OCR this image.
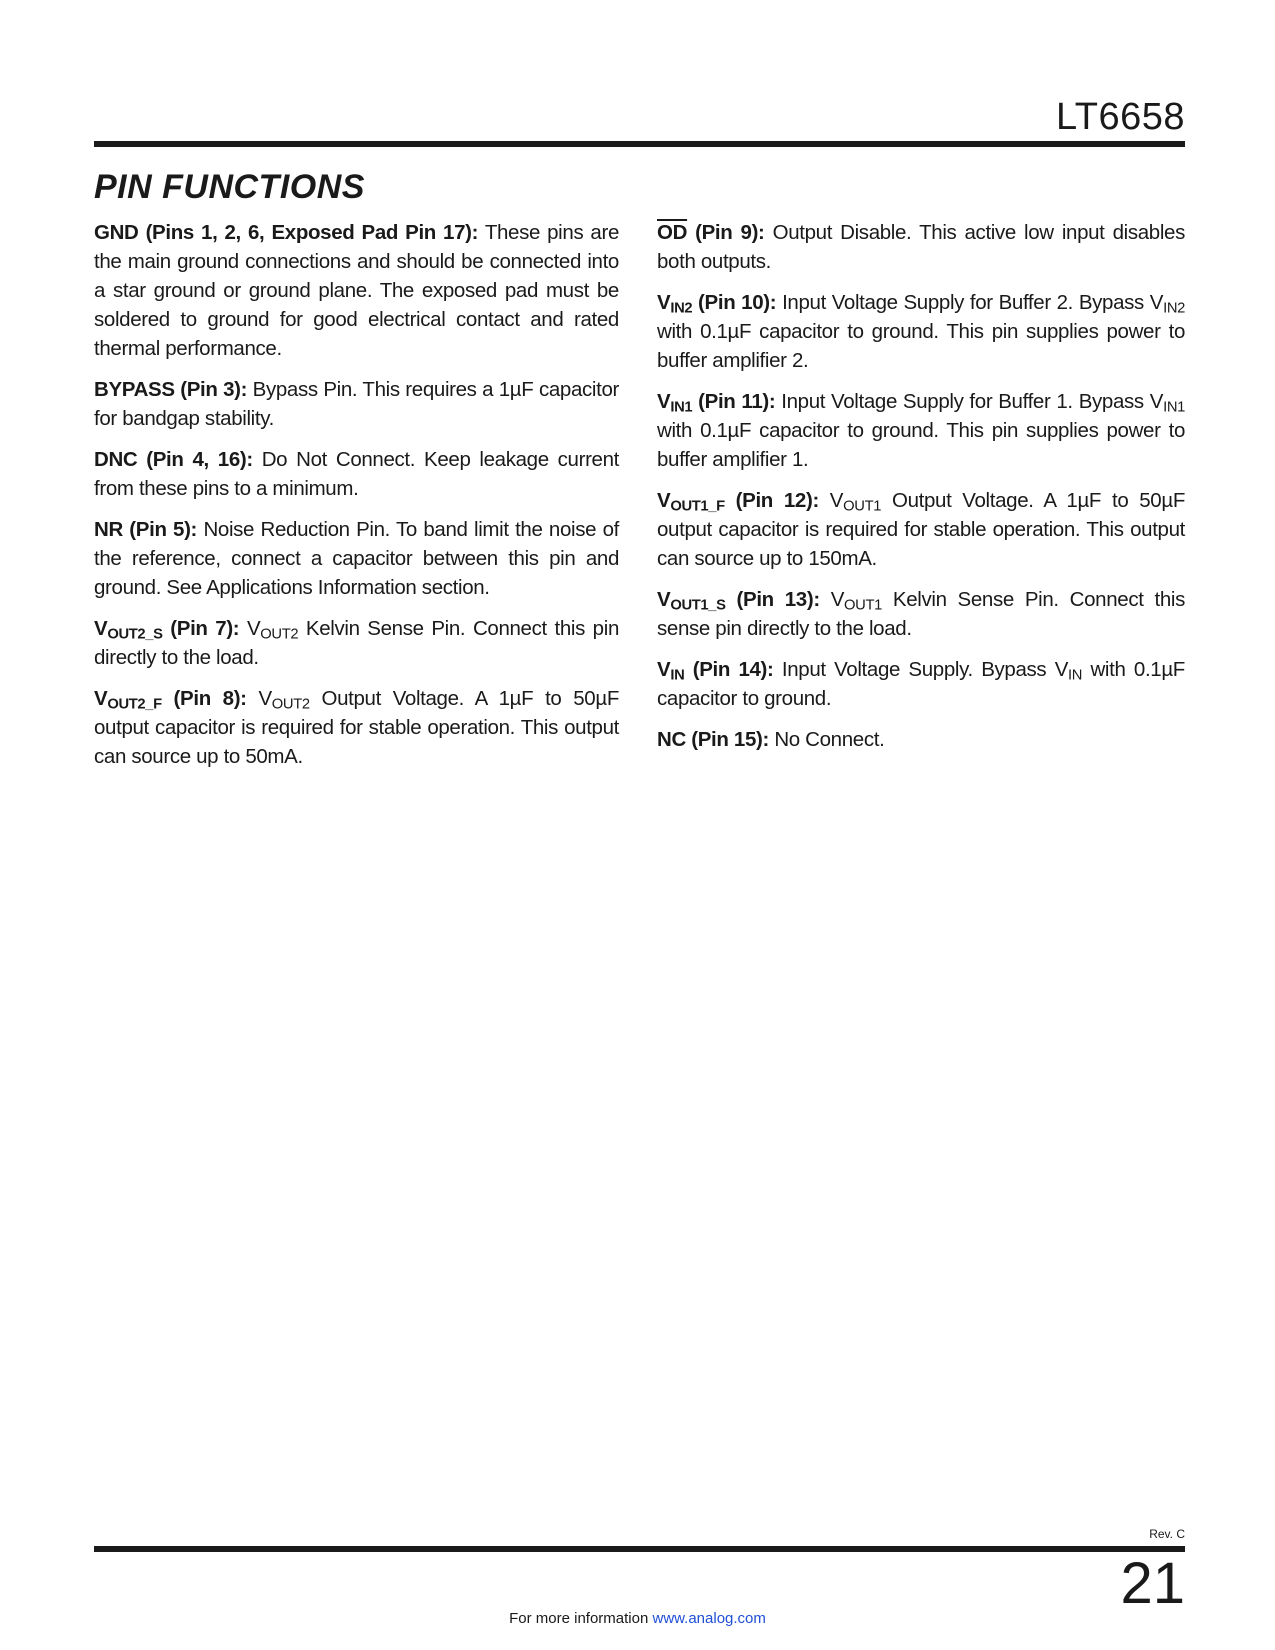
LT6658
PIN FUNCTIONS

GND (Pins 1, 2, 6, Exposed Pad Pin 17): These pins are the main ground connections and should be connected into a star ground or ground plane. The exposed pad must be soldered to ground for good electrical contact and rated thermal performance.

BYPASS (Pin 3): Bypass Pin. This requires a 1µF capacitor for bandgap stability.

DNC (Pin 4, 16): Do Not Connect. Keep leakage current from these pins to a minimum.

NR (Pin 5): Noise Reduction Pin. To band limit the noise of the reference, connect a capacitor between this pin and ground. See Applications Information section.

$V_{OUT2\_S}$ (Pin 7): $V_{OUT2}$ Kelvin Sense Pin. Connect this pin directly to the load.

$V_{OUT2\_F}$ (Pin 8): $V_{OUT2}$ Output Voltage. A 1µF to 50µF output capacitor is required for stable operation. This output can source up to 50mA.

$\overline{OD}$ (Pin 9): Output Disable. This active low input disables both outputs.

$V_{IN2}$ (Pin 10): Input Voltage Supply for Buffer 2. Bypass $V_{IN2}$ with 0.1µF capacitor to ground. This pin supplies power to buffer amplifier 2.

$V_{IN1}$ (Pin 11): Input Voltage Supply for Buffer 1. Bypass $V_{IN1}$ with 0.1µF capacitor to ground. This pin supplies power to buffer amplifier 1.

$V_{OUT1\_F}$ (Pin 12): $V_{OUT1}$ Output Voltage. A 1µF to 50µF output capacitor is required for stable operation. This output can source up to 150mA.

$V_{OUT1\_S}$ (Pin 13): $V_{OUT1}$ Kelvin Sense Pin. Connect this sense pin directly to the load.

$V_{IN}$ (Pin 14): Input Voltage Supply. Bypass $V_{IN}$ with 0.1µF capacitor to ground.

NC (Pin 15): No Connect.

Rev. C
21
For more information www.analog.com
